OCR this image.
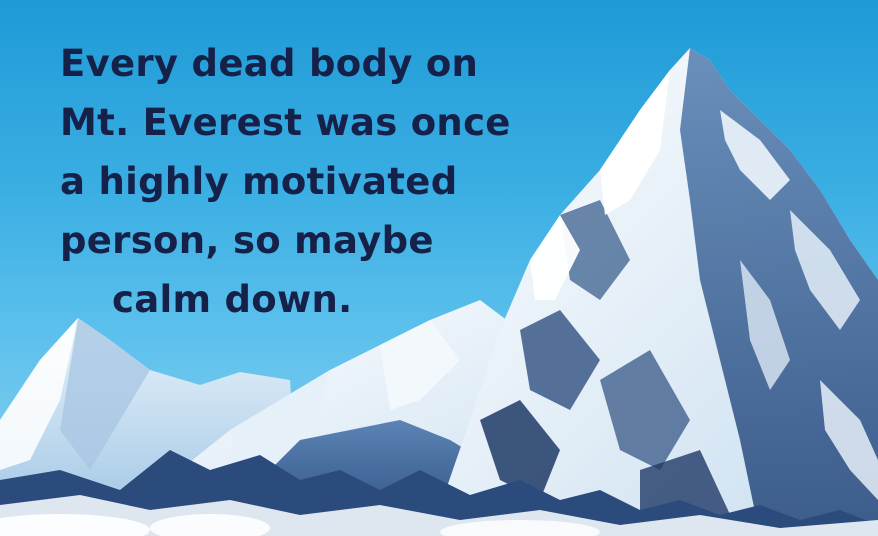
Every dead body on
Mt. Everest was once
a highly motivated
person, so maybe
calm down.
